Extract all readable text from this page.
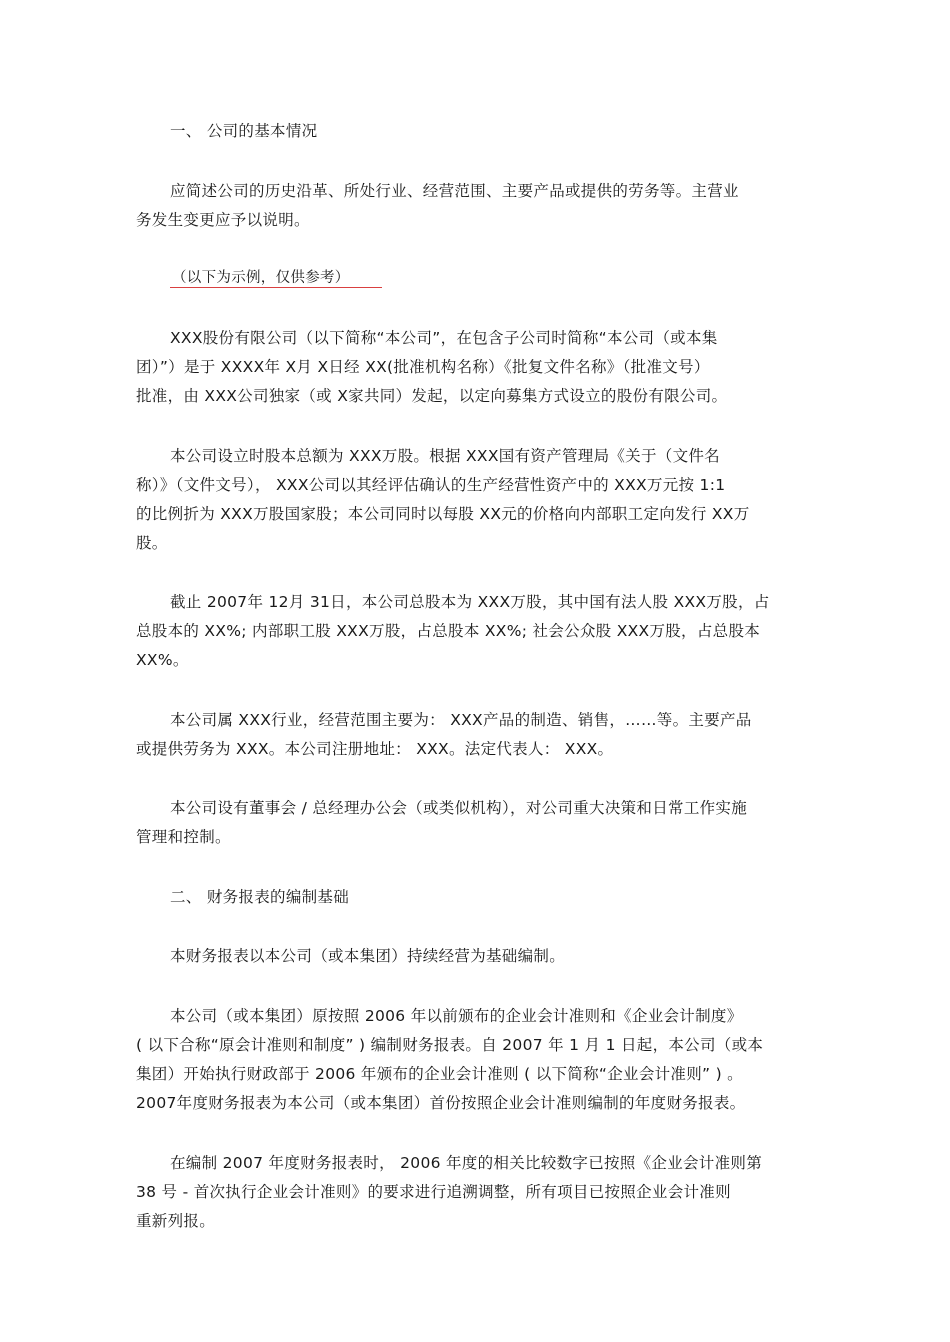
一、 公司的基本情况

应简述公司的历史沿革、所处行业、经营范围、主要产品或提供的劳务等。主营业

务发生变更应予以说明。

（以下为示例，仅供参考）

XXX股份有限公司（以下简称“本公司”，在包含子公司时简称“本公司（或本集

团）”）是于 XXXX年 X月 X日经 XX(批准机构名称）《批复文件名称》（批准文号）

批准，由 XXX公司独家（或 X家共同）发起，以定向募集方式设立的股份有限公司。

本公司设立时股本总额为 XXX万股。根据 XXX国有资产管理局《关于（文件名

称）》（文件文号）， XXX公司以其经评估确认的生产经营性资产中的 XXX万元按 1:1

的比例折为 XXX万股国家股；本公司同时以每股 XX元的价格向内部职工定向发行 XX万

股。

截止 2007年 12月 31日，本公司总股本为 XXX万股，其中国有法人股 XXX万股，占

总股本的 XX%; 内部职工股 XXX万股，占总股本 XX%; 社会公众股 XXX万股，占总股本

XX%。

本公司属 XXX行业，经营范围主要为： XXX产品的制造、销售，……等。主要产品

或提供劳务为 XXX。本公司注册地址： XXX。法定代表人： XXX。

本公司设有董事会 / 总经理办公会（或类似机构），对公司重大决策和日常工作实施

管理和控制。

二、 财务报表的编制基础

本财务报表以本公司（或本集团）持续经营为基础编制。

本公司（或本集团）原按照 2006 年以前颁布的企业会计准则和《企业会计制度》

( 以下合称“原会计准则和制度” ) 编制财务报表。自 2007 年 1 月 1 日起，本公司（或本

集团）开始执行财政部于 2006 年颁布的企业会计准则 ( 以下简称“企业会计准则” ) 。

2007年度财务报表为本公司（或本集团）首份按照企业会计准则编制的年度财务报表。

在编制 2007 年度财务报表时， 2006 年度的相关比较数字已按照《企业会计准则第

38 号 - 首次执行企业会计准则》的要求进行追溯调整，所有项目已按照企业会计准则

重新列报。
